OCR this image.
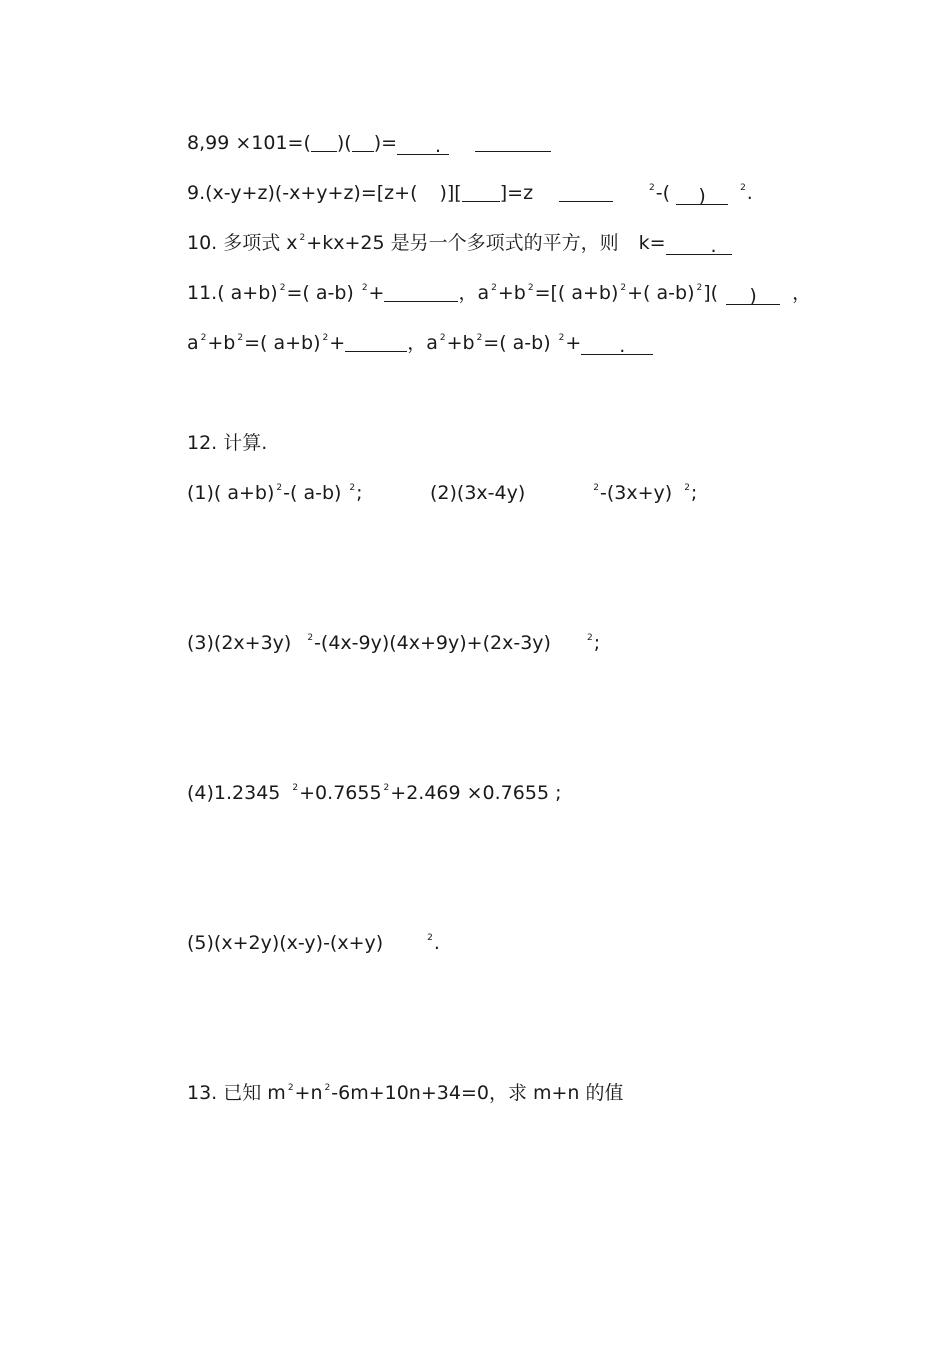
8,99 ×101=( )( )= .
9.(x-y+z)(-x+y+z)=[z+( )][ ]=z	$^2$-( )	$^2$.
10. 多项式 x $^2$+kx+25 是另一个多项式的平方，则 k= .
11.( a+b) $^2$=( a-b) $^2$+	，a $^2$+b $^2$=[( a+b) $^2$+( a-b) $^2$]( ) ，
a $^2$+b $^2$=( a+b) $^2$+	，a $^2$+b $^2$=( a-b) $^2$+ .
12. 计算.
(1)( a+b) $^2$-( a-b) $^2$;	(2)(3x-4y)	$^2$-(3x+y) $^2$;
(3)(2x+3y) $^2$-(4x-9y)(4x+9y)+(2x-3y)	$^2$;
(4)1.2345 $^2$+0.7655 $^2$+2.469 ×0.7655 ;
(5)(x+2y)(x-y)-(x+y)	$^2$.
13. 已知 m $^2$+n $^2$-6m+10n+34=0，求 m+n 的值
